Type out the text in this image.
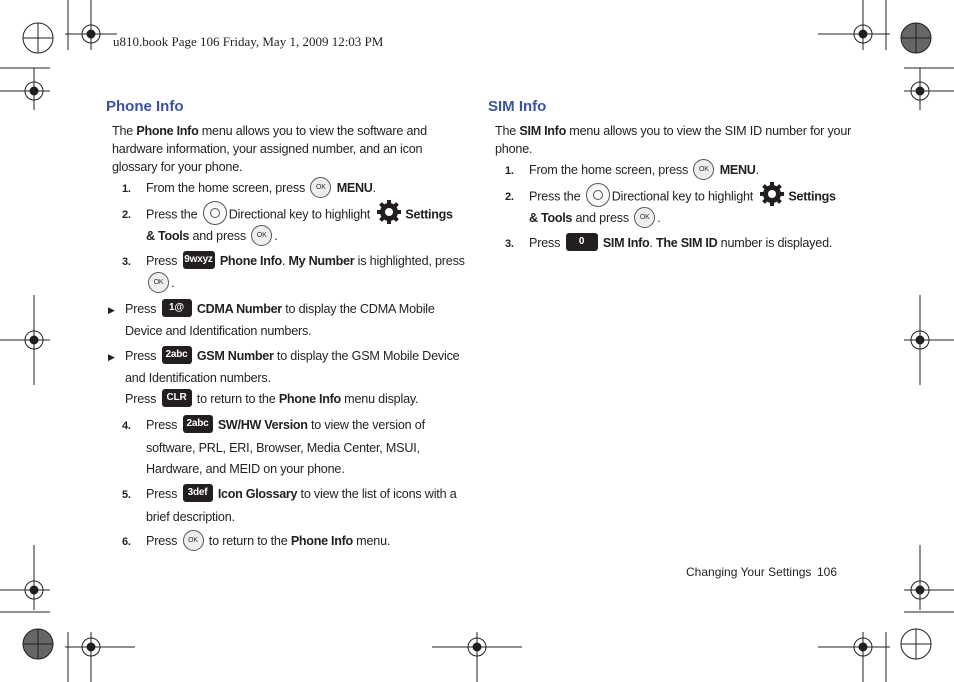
u810.book Page 106 Friday, May 1, 2009 12:03 PM
Phone Info
The Phone Info menu allows you to view the software and
hardware information, your assigned number, and an icon
glossary for your phone.
1. From the home screen, press OK MENU.
2. Press the Directional key to highlight	Settings
& Tools and press OK .
3. Press 9wxyz Phone Info. My Number is highlighted, press
OK .
▶ Press 1@ CDMA Number to display the CDMA Mobile
Device and Identification numbers.
▶ Press 2abc GSM Number to display the GSM Mobile Device
and Identification numbers.
Press CLR to return to the Phone Info menu display.
4. Press 2abc SW/HW Version to view the version of
software, PRL, ERI, Browser, Media Center, MSUI,
Hardware, and MEID on your phone.
5. Press 3def Icon Glossary to view the list of icons with a
brief description.
6. Press OK to return to the Phone Info menu.
SIM Info
The SIM Info menu allows you to view the SIM ID number for your
phone.
1. From the home screen, press OK MENU.
2. Press the Directional key to highlight	Settings
& Tools and press OK .
3. Press 0 SIM Info. The SIM ID number is displayed.
Changing Your Settings 106
